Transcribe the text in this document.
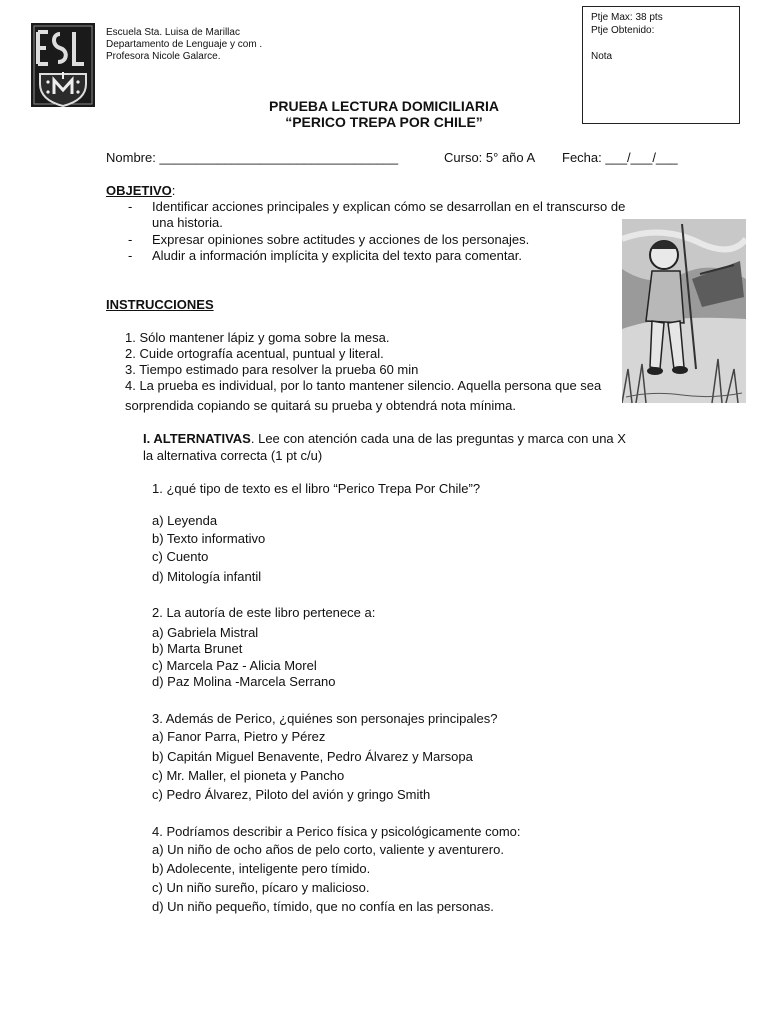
Escuela Sta. Luisa de Marillac
Departamento de Lenguaje y com .
Profesora Nicole Galarce.
Ptje Max: 38 pts
Ptje Obtenido:
Nota
PRUEBA LECTURA DOMICILIARIA
“PERICO TREPA POR CHILE”
Nombre: _________________________________	Curso: 5° año A Fecha: ___/___/___
OBJETIVO:
- Identificar acciones principales y explican cómo se desarrollan en el transcurso de
una historia.
- Expresar opiniones sobre actitudes y acciones de los personajes.
- Aludir a información implícita y explicita del texto para comentar.
INSTRUCCIONES
1. Sólo mantener lápiz y goma sobre la mesa.
2. Cuide ortografía acentual, puntual y literal.
3. Tiempo estimado para resolver la prueba 60 min
4. La prueba es individual, por lo tanto mantener silencio. Aquella persona que sea
sorprendida copiando se quitará su prueba y obtendrá nota mínima.
I. ALTERNATIVAS. Lee con atención cada una de las preguntas y marca con una X
la alternativa correcta (1 pt c/u)
1. ¿qué tipo de texto es el libro “Perico Trepa Por Chile”?
a) Leyenda
b) Texto informativo
c) Cuento
d) Mitología infantil
2. La autoría de este libro pertenece a:
a) Gabriela Mistral
b) Marta Brunet
c) Marcela Paz - Alicia Morel
d) Paz Molina -Marcela Serrano
3. Además de Perico, ¿quiénes son personajes principales?
a) Fanor Parra, Pietro y Pérez
b) Capitán Miguel Benavente, Pedro Álvarez y Marsopa
c) Mr. Maller, el pioneta y Pancho
c) Pedro Álvarez, Piloto del avión y gringo Smith
4. Podríamos describir a Perico física y psicológicamente como:
a) Un niño de ocho años de pelo corto, valiente y aventurero.
b) Adolecente, inteligente pero tímido.
c) Un niño sureño, pícaro y malicioso.
d) Un niño pequeño, tímido, que no confía en las personas.
